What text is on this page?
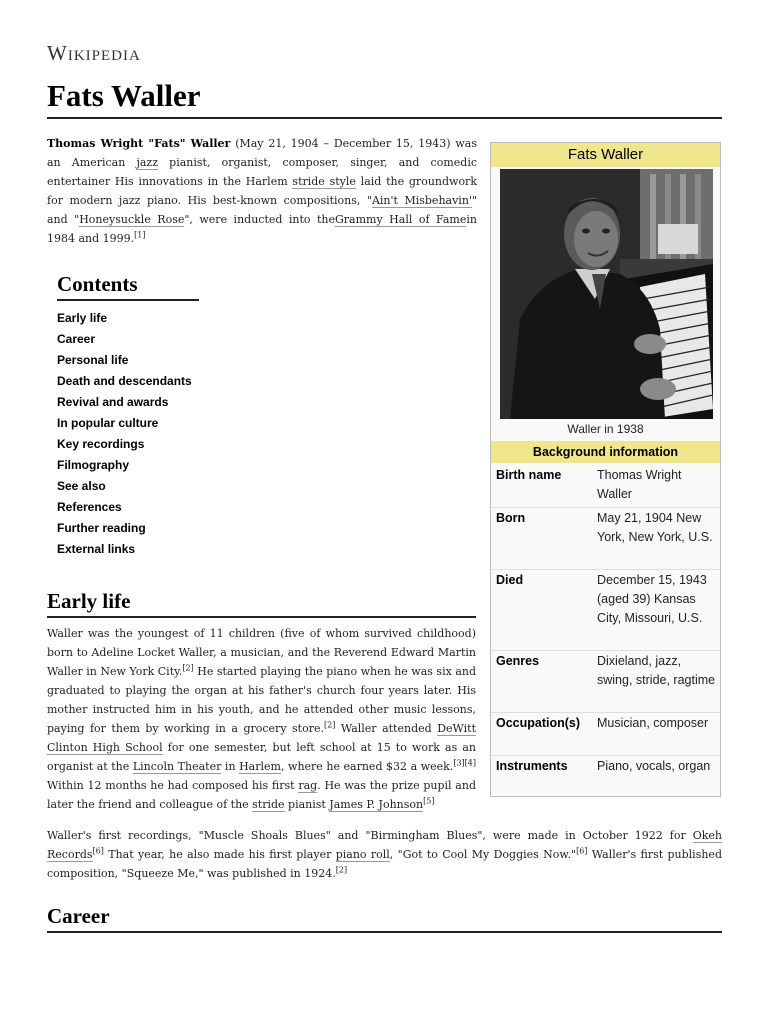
Wikipedia
Fats Waller

Thomas Wright "Fats" Waller (May 21, 1904 – December 15, 1943) was an American jazz pianist, organist, composer, singer, and comedic entertainer His innovations in the Harlem stride style laid the groundwork for modern jazz piano. His best-known compositions, "Ain't Misbehavin'" and "Honeysuckle Rose", were inducted into theGrammy Hall of Famein 1984 and 1999.[1]

Contents
Early life
Career
Personal life
Death and descendants
Revival and awards
In popular culture
Key recordings
Filmography
See also
References
Further reading
External links
Early life

Waller was the youngest of 11 children (five of whom survived childhood) born to Adeline Locket Waller, a musician, and the Reverend Edward Martin Waller in New York City.[2] He started playing the piano when he was six and graduated to playing the organ at his father's church four years later. His mother instructed him in his youth, and he attended other music lessons, paying for them by working in a grocery store.[2] Waller attended DeWitt Clinton High School for one semester, but left school at 15 to work as an organist at the Lincoln Theater in Harlem, where he earned $32 a week.[3][4] Within 12 months he had composed his first rag. He was the prize pupil and later the friend and colleague of the stride pianist James P. Johnson[5]

Waller's first recordings, "Muscle Shoals Blues" and "Birmingham Blues", were made in October 1922 for Okeh Records[6] That year, he also made his first player piano roll, "Got to Cool My Doggies Now."[6] Waller's first published composition, "Squeeze Me," was published in 1924.[2]

Career
Fats Waller
Waller in 1938
Background information
Birth name	Thomas Wright Waller
Born	May 21, 1904 New York, New York, U.S.
Died	December 15, 1943 (aged 39) Kansas City, Missouri, U.S.
Genres	Dixieland, jazz, swing, stride, ragtime
Occupation(s)	Musician, composer
Instruments	Piano, vocals, organ
